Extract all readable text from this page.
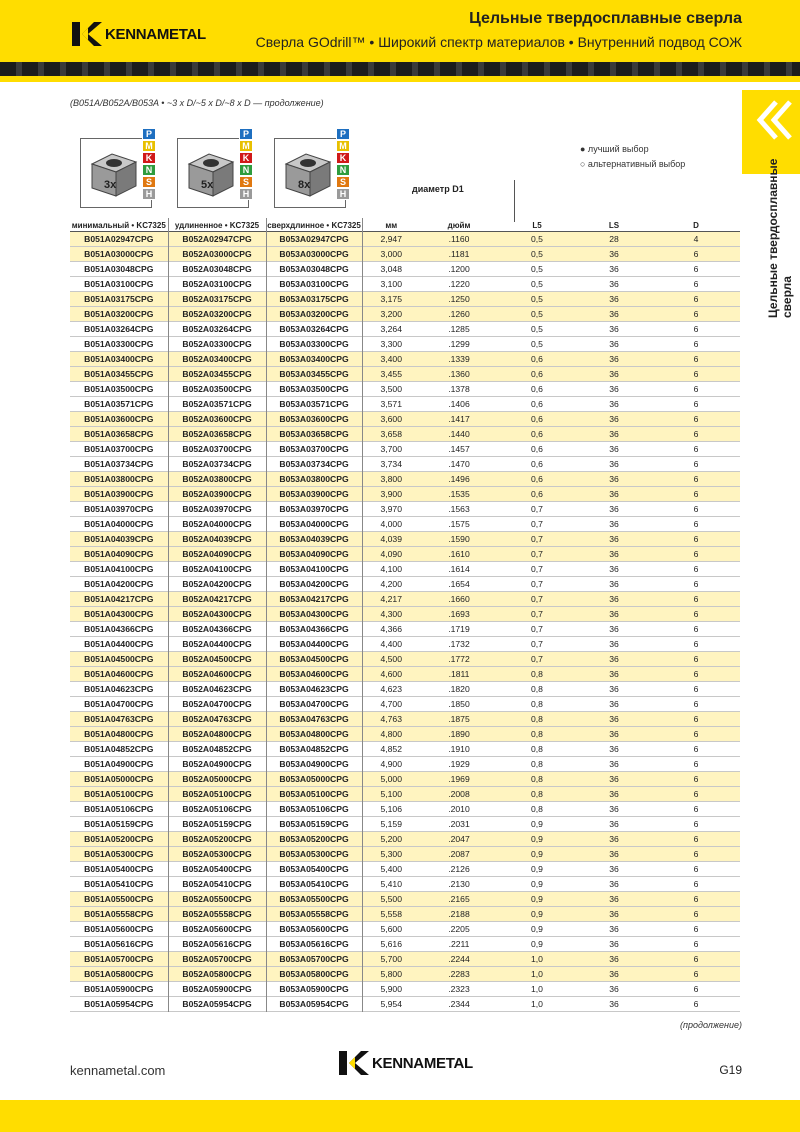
KENNAMETAL
Цельные твердосплавные сверла
Сверла GOdrill™ • Широкий спектр материалов • Внутренний подвод СОЖ
Цельные твердосплавные сверла
(B051A/B052A/B053A • ~3 x D/~5 x D/~8 x D — продолжение)
3x
P
M
K
N
S
H
5x
P
M
K
N
S
H
8x
P
M
K
N
S
H
● лучший выбор
○ альтернативный выбор
диаметр D1
минимальный • KC7325	удлиненное • KC7325	сверхдлинное • KC7325	мм	дюйм	L5	LS	D
B051A02947CPG	B052A02947CPG	B053A02947CPG	2,947	.1160	0,5	28	4
B051A03000CPG	B052A03000CPG	B053A03000CPG	3,000	.1181	0,5	36	6
B051A03048CPG	B052A03048CPG	B053A03048CPG	3,048	.1200	0,5	36	6
B051A03100CPG	B052A03100CPG	B053A03100CPG	3,100	.1220	0,5	36	6
B051A03175CPG	B052A03175CPG	B053A03175CPG	3,175	.1250	0,5	36	6
B051A03200CPG	B052A03200CPG	B053A03200CPG	3,200	.1260	0,5	36	6
B051A03264CPG	B052A03264CPG	B053A03264CPG	3,264	.1285	0,5	36	6
B051A03300CPG	B052A03300CPG	B053A03300CPG	3,300	.1299	0,5	36	6
B051A03400CPG	B052A03400CPG	B053A03400CPG	3,400	.1339	0,6	36	6
B051A03455CPG	B052A03455CPG	B053A03455CPG	3,455	.1360	0,6	36	6
B051A03500CPG	B052A03500CPG	B053A03500CPG	3,500	.1378	0,6	36	6
B051A03571CPG	B052A03571CPG	B053A03571CPG	3,571	.1406	0,6	36	6
B051A03600CPG	B052A03600CPG	B053A03600CPG	3,600	.1417	0,6	36	6
B051A03658CPG	B052A03658CPG	B053A03658CPG	3,658	.1440	0,6	36	6
B051A03700CPG	B052A03700CPG	B053A03700CPG	3,700	.1457	0,6	36	6
B051A03734CPG	B052A03734CPG	B053A03734CPG	3,734	.1470	0,6	36	6
B051A03800CPG	B052A03800CPG	B053A03800CPG	3,800	.1496	0,6	36	6
B051A03900CPG	B052A03900CPG	B053A03900CPG	3,900	.1535	0,6	36	6
B051A03970CPG	B052A03970CPG	B053A03970CPG	3,970	.1563	0,7	36	6
B051A04000CPG	B052A04000CPG	B053A04000CPG	4,000	.1575	0,7	36	6
B051A04039CPG	B052A04039CPG	B053A04039CPG	4,039	.1590	0,7	36	6
B051A04090CPG	B052A04090CPG	B053A04090CPG	4,090	.1610	0,7	36	6
B051A04100CPG	B052A04100CPG	B053A04100CPG	4,100	.1614	0,7	36	6
B051A04200CPG	B052A04200CPG	B053A04200CPG	4,200	.1654	0,7	36	6
B051A04217CPG	B052A04217CPG	B053A04217CPG	4,217	.1660	0,7	36	6
B051A04300CPG	B052A04300CPG	B053A04300CPG	4,300	.1693	0,7	36	6
B051A04366CPG	B052A04366CPG	B053A04366CPG	4,366	.1719	0,7	36	6
B051A04400CPG	B052A04400CPG	B053A04400CPG	4,400	.1732	0,7	36	6
B051A04500CPG	B052A04500CPG	B053A04500CPG	4,500	.1772	0,7	36	6
B051A04600CPG	B052A04600CPG	B053A04600CPG	4,600	.1811	0,8	36	6
B051A04623CPG	B052A04623CPG	B053A04623CPG	4,623	.1820	0,8	36	6
B051A04700CPG	B052A04700CPG	B053A04700CPG	4,700	.1850	0,8	36	6
B051A04763CPG	B052A04763CPG	B053A04763CPG	4,763	.1875	0,8	36	6
B051A04800CPG	B052A04800CPG	B053A04800CPG	4,800	.1890	0,8	36	6
B051A04852CPG	B052A04852CPG	B053A04852CPG	4,852	.1910	0,8	36	6
B051A04900CPG	B052A04900CPG	B053A04900CPG	4,900	.1929	0,8	36	6
B051A05000CPG	B052A05000CPG	B053A05000CPG	5,000	.1969	0,8	36	6
B051A05100CPG	B052A05100CPG	B053A05100CPG	5,100	.2008	0,8	36	6
B051A05106CPG	B052A05106CPG	B053A05106CPG	5,106	.2010	0,8	36	6
B051A05159CPG	B052A05159CPG	B053A05159CPG	5,159	.2031	0,9	36	6
B051A05200CPG	B052A05200CPG	B053A05200CPG	5,200	.2047	0,9	36	6
B051A05300CPG	B052A05300CPG	B053A05300CPG	5,300	.2087	0,9	36	6
B051A05400CPG	B052A05400CPG	B053A05400CPG	5,400	.2126	0,9	36	6
B051A05410CPG	B052A05410CPG	B053A05410CPG	5,410	.2130	0,9	36	6
B051A05500CPG	B052A05500CPG	B053A05500CPG	5,500	.2165	0,9	36	6
B051A05558CPG	B052A05558CPG	B053A05558CPG	5,558	.2188	0,9	36	6
B051A05600CPG	B052A05600CPG	B053A05600CPG	5,600	.2205	0,9	36	6
B051A05616CPG	B052A05616CPG	B053A05616CPG	5,616	.2211	0,9	36	6
B051A05700CPG	B052A05700CPG	B053A05700CPG	5,700	.2244	1,0	36	6
B051A05800CPG	B052A05800CPG	B053A05800CPG	5,800	.2283	1,0	36	6
B051A05900CPG	B052A05900CPG	B053A05900CPG	5,900	.2323	1,0	36	6
B051A05954CPG	B052A05954CPG	B053A05954CPG	5,954	.2344	1,0	36	6
(продолжение)
kennametal.com	KENNAMETAL	G19
